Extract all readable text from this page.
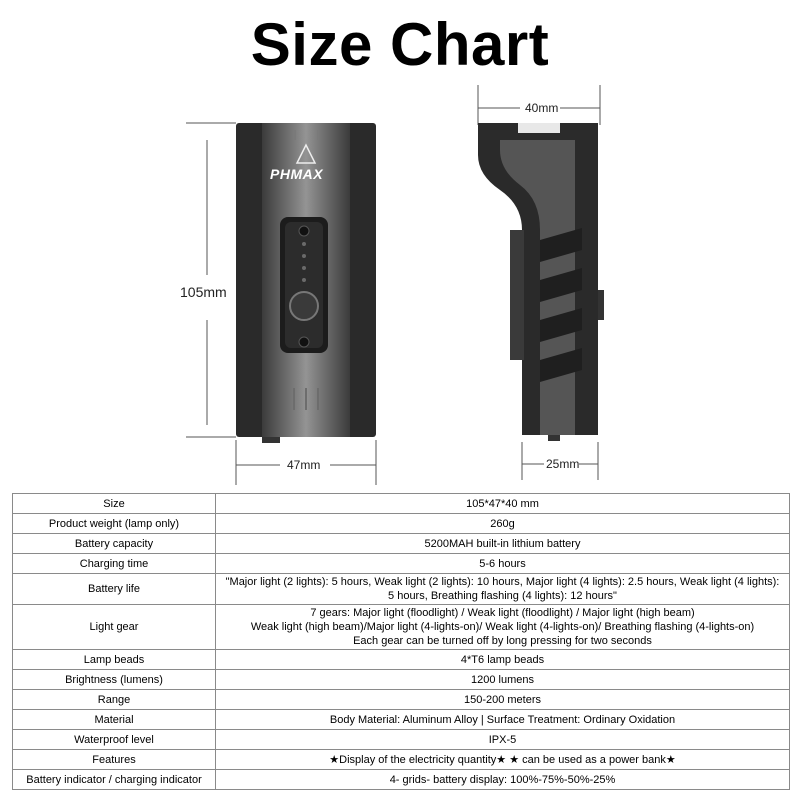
Size Chart
PHMAX
105mm
47mm
40mm
25mm
Size	105*47*40 mm

Product weight (lamp only)	260g

Battery capacity	5200MAH built-in lithium battery

Charging time	5-6 hours

Battery life	"Major light (2 lights): 5 hours, Weak light (2 lights): 10 hours, Major light (4 lights): 2.5 hours, Weak light (4 lights):
5 hours, Breathing flashing (4 lights): 12 hours"

Light gear	7 gears: Major light (floodlight) / Weak light (floodlight) / Major light (high beam)
Weak light (high beam)/Major light (4-lights-on)/ Weak light (4-lights-on)/ Breathing flashing (4-lights-on)
Each gear can be turned off by long pressing for two seconds

Lamp beads	4*T6 lamp beads

Brightness (lumens)	1200 lumens

Range	150-200 meters

Material	Body Material: Aluminum Alloy | Surface Treatment: Ordinary Oxidation

Waterproof level	IPX-5

Features	★Display of the electricity quantity★ ★ can be used as a power bank★

Battery indicator / charging indicator	4- grids- battery display: 100%-75%-50%-25%
